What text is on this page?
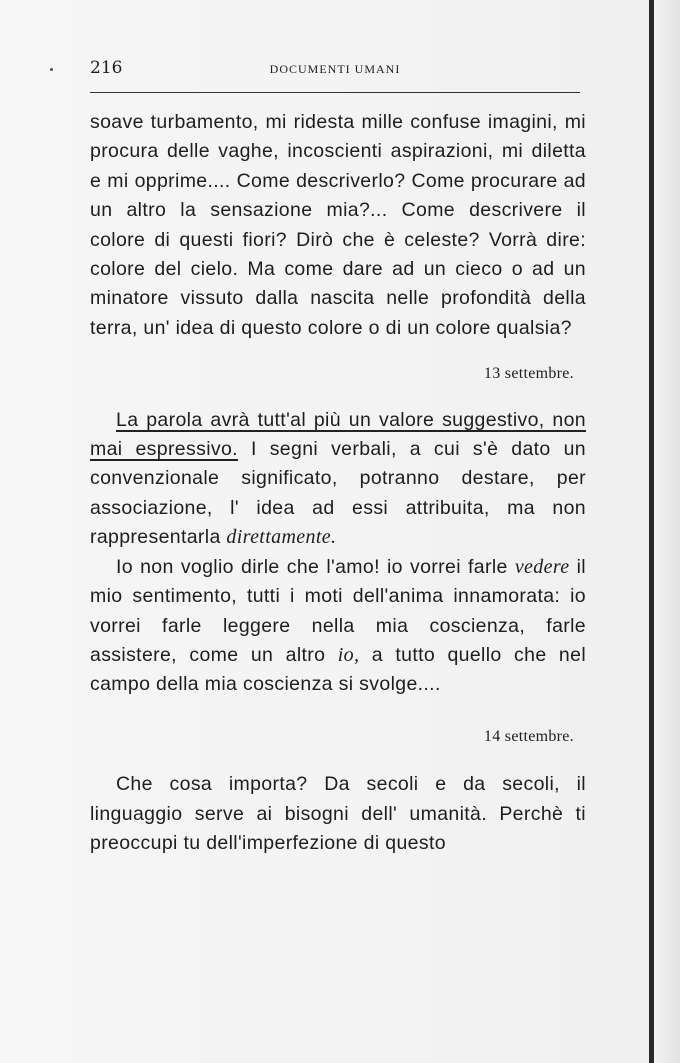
216	DOCUMENTI UMANI

soave turbamento, mi ridesta mille confuse imagini, mi procura delle vaghe, incoscienti aspirazioni, mi diletta e mi opprime.... Come descriverlo? Come procurare ad un altro la sensazione mia?... Come descrivere il colore di questi fiori? Dirò che è celeste? Vorrà dire: colore del cielo. Ma come dare ad un cieco o ad un minatore vissuto dalla nascita nelle profondità della terra, un' idea di questo colore o di un colore qualsia?

13 settembre.

La parola avrà tutt'al più un valore suggestivo, non mai espressivo. I segni verbali, a cui s'è dato un convenzionale significato, potranno destare, per associazione, l' idea ad essi attribuita, ma non rappresentarla direttamente.

Io non voglio dirle che l'amo! io vorrei farle vedere il mio sentimento, tutti i moti dell'anima innamorata: io vorrei farle leggere nella mia coscienza, farle assistere, come un altro io, a tutto quello che nel campo della mia coscienza si svolge....

14 settembre.

Che cosa importa? Da secoli e da secoli, il linguaggio serve ai bisogni dell' umanità. Perchè ti preoccupi tu dell'imperfezione di questo
